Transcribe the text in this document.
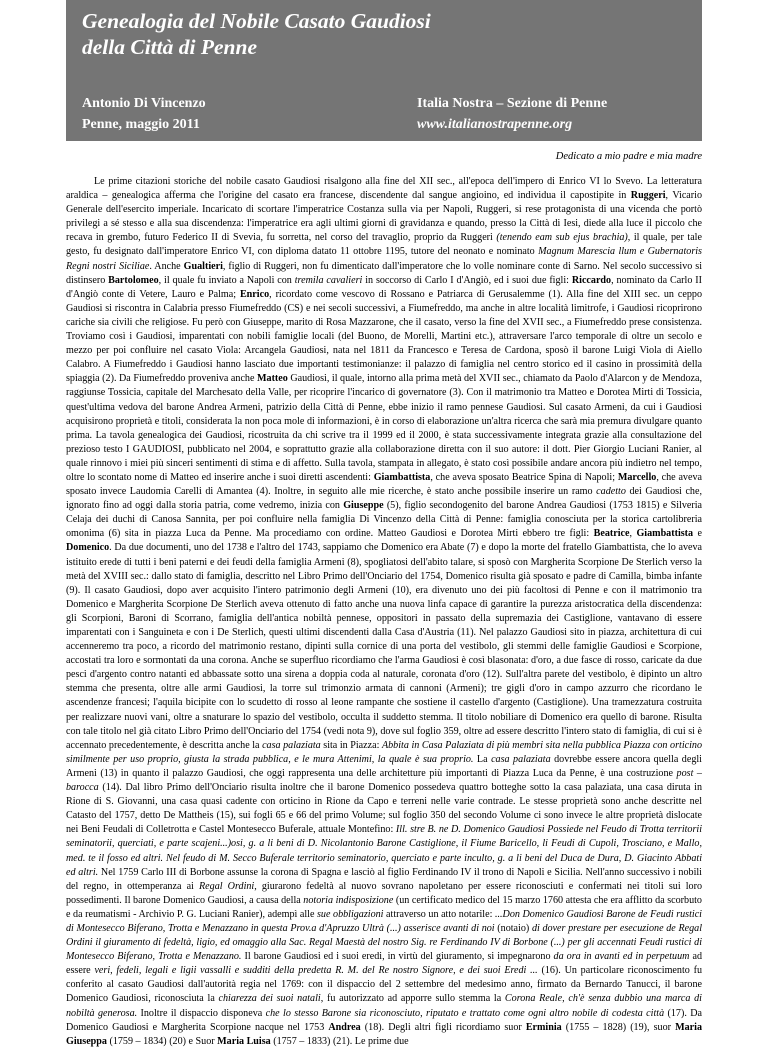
Genealogia del Nobile Casato Gaudiosi
della Città di Penne
Antonio Di Vincenzo
Penne, maggio 2011
Italia Nostra – Sezione di Penne
www.italianostrapenne.org
Dedicato a mio padre e mia madre

Le prime citazioni storiche del nobile casato Gaudiosi risalgono alla fine del XII sec., all'epoca dell'impero di Enrico VI lo Svevo. La letteratura araldica – genealogica afferma che l'origine del casato era francese, discendente dal sangue angioino, ed individua il capostipite in Ruggeri, Vicario Generale dell'esercito imperiale. Incaricato di scortare l'imperatrice Costanza sulla via per Napoli, Ruggeri, si rese protagonista di una vicenda che portò privilegi a sé stesso e alla sua discendenza: l'imperatrice era agli ultimi giorni di gravidanza e quando, presso la Città di Iesi, diede alla luce il piccolo che recava in grembo, futuro Federico II di Svevia, fu sorretta, nel corso del travaglio, proprio da Ruggeri (tenendo eam sub ejus brachia), il quale, per tale gesto, fu designato dall'imperatore Enrico VI, con diploma datato 11 ottobre 1195, tutore del neonato e nominato Magnum Marescia llum e Gubernatoris Regni nostri Siciliae. Anche Gualtieri, figlio di Ruggeri, non fu dimenticato dall'imperatore che lo volle nominare conte di Sarno. Nel secolo successivo si distinsero Bartolomeo, il quale fu inviato a Napoli con tremila cavalieri in soccorso di Carlo I d'Angiò, ed i suoi due figli: Riccardo, nominato da Carlo II d'Angiò conte di Vetere, Lauro e Palma; Enrico, ricordato come vescovo di Rossano e Patriarca di Gerusalemme (1). Alla fine del XIII sec. un ceppo Gaudiosi si riscontra in Calabria presso Fiumefreddo (CS) e nei secoli successivi, a Fiumefreddo, ma anche in altre località limitrofe, i Gaudiosi ricoprirono cariche sia civili che religiose. Fu però con Giuseppe, marito di Rosa Mazzarone, che il casato, verso la fine del XVII sec., a Fiumefreddo prese consistenza. Troviamo così i Gaudiosi, imparentati con nobili famiglie locali (del Buono, de Morelli, Martini etc.), attraversare l'arco temporale di oltre un secolo e mezzo per poi confluire nel casato Viola: Arcangela Gaudiosi, nata nel 1811 da Francesco e Teresa de Cardona, sposò il barone Luigi Viola di Aiello Calabro. A Fiumefreddo i Gaudiosi hanno lasciato due importanti testimonianze: il palazzo di famiglia nel centro storico ed il casino in prossimità della spiaggia (2). Da Fiumefreddo proveniva anche Matteo Gaudiosi, il quale, intorno alla prima metà del XVII sec., chiamato da Paolo d'Alarcon y de Mendoza, raggiunse Tossicia, capitale del Marchesato della Valle, per ricoprire l'incarico di governatore (3). Con il matrimonio tra Matteo e Dorotea Mirti di Tossicia, quest'ultima vedova del barone Andrea Armeni, patrizio della Città di Penne, ebbe inizio il ramo pennese Gaudiosi. Sul casato Armeni, da cui i Gaudiosi acquisirono proprietà e titoli, considerata la non poca mole di informazioni, è in corso di elaborazione un'altra ricerca che sarà mia premura divulgare quanto prima. La tavola genealogica dei Gaudiosi, ricostruita da chi scrive tra il 1999 ed il 2000, è stata successivamente integrata grazie alla consultazione del prezioso testo I GAUDIOSI, pubblicato nel 2004, e soprattutto grazie alla collaborazione diretta con il suo autore: il dott. Pier Giorgio Luciani Ranier, al quale rinnovo i miei più sinceri sentimenti di stima e di affetto. Sulla tavola, stampata in allegato, è stato così possibile andare ancora più indietro nel tempo, oltre lo scontato nome di Matteo ed inserire anche i suoi diretti ascendenti: Giambattista, che aveva sposato Beatrice Spina di Napoli; Marcello, che aveva sposato invece Laudomia Carelli di Amantea (4). Inoltre, in seguito alle mie ricerche, è stato anche possibile inserire un ramo cadetto dei Gaudiosi che, ignorato fino ad oggi dalla storia patria, come vedremo, inizia con Giuseppe (5), figlio secondogenito del barone Andrea Gaudiosi (1753 1815) e Silveria Celaja dei duchi di Canosa Sannita, per poi confluire nella famiglia Di Vincenzo della Città di Penne: famiglia conosciuta per la storica cartolibreria omonima (6) sita in piazza Luca da Penne. Ma procediamo con ordine. Matteo Gaudiosi e Dorotea Mirti ebbero tre figli: Beatrice, Giambattista e Domenico. Da due documenti, uno del 1738 e l'altro del 1743, sappiamo che Domenico era Abate (7) e dopo la morte del fratello Giambattista, che lo aveva istituito erede di tutti i beni paterni e dei feudi della famiglia Armeni (8), spogliatosi dell'abito talare, si sposò con Margherita Scorpione De Sterlich verso la metà del XVIII sec.: dallo stato di famiglia, descritto nel Libro Primo dell'Onciario del 1754, Domenico risulta già sposato e padre di Camilla, bimba infante (9). Il casato Gaudiosi, dopo aver acquisito l'intero patrimonio degli Armeni (10), era divenuto uno dei più facoltosi di Penne e con il matrimonio tra Domenico e Margherita Scorpione De Sterlich aveva ottenuto di fatto anche una nuova linfa capace di garantire la purezza aristocratica della discendenza: gli Scorpioni, Baroni di Scorrano, famiglia dell'antica nobiltà pennese, oppositori in passato della supremazia dei Castiglione, vantavano di essere imparentati con i Sanguineta e con i De Sterlich, questi ultimi discendenti dalla Casa d'Austria (11). Nel palazzo Gaudiosi sito in piazza, architettura di cui accenneremo tra poco, a ricordo del matrimonio restano, dipinti sulla cornice di una porta del vestibolo, gli stemmi delle famiglie Gaudiosi e Scorpione, accostati tra loro e sormontati da una corona. Anche se superfluo ricordiamo che l'arma Gaudiosi è così blasonata: d'oro, a due fasce di rosso, caricate da due pesci d'argento contro natanti ed abbassate sotto una sirena a doppia coda al naturale, coronata d'oro (12). Sull'altra parete del vestibolo, è dipinto un altro stemma che presenta, oltre alle armi Gaudiosi, la torre sul trimonzio armata di cannoni (Armeni); tre gigli d'oro in campo azzurro che ricordano le ascendenze francesi; l'aquila bicipite con lo scudetto di rosso al leone rampante che sostiene il castello d'argento (Castiglione). Una tramezzatura costruita per realizzare nuovi vani, oltre a snaturare lo spazio del vestibolo, occulta il suddetto stemma. Il titolo nobiliare di Domenico era quello di barone. Risulta con tale titolo nel già citato Libro Primo dell'Onciario del 1754 (vedi nota 9), dove sul foglio 359, oltre ad essere descritto l'intero stato di famiglia, di cui si è accennato precedentemente, è descritta anche la casa palaziata sita in Piazza: Abbita in Casa Palaziata di più membri sita nella pubblica Piazza con orticino similmente per uso proprio, giusta la strada pubblica, e le mura Attenimi, la quale è sua proprio. La casa palaziata dovrebbe essere ancora quella degli Armeni (13) in quanto il palazzo Gaudiosi, che oggi rappresenta una delle architetture più importanti di Piazza Luca da Penne, è una costruzione post – barocca (14). Dal libro Primo dell'Onciario risulta inoltre che il barone Domenico possedeva quattro botteghe sotto la casa palaziata, una casa diruta in Rione di S. Giovanni, una casa quasi cadente con orticino in Rione da Capo e terreni nelle varie contrade. Le stesse proprietà sono anche descritte nel Catasto del 1757, detto De Mattheis (15), sui fogli 65 e 66 del primo Volume; sul foglio 350 del secondo Volume ci sono invece le altre proprietà dislocate nei Beni Feudali di Colletrotta e Castel Montesecco Buferale, attuale Montefino: Ill. stre B. ne D. Domenico Gaudiosi Possiede nel Feudo di Trotta territorii seminatorii, querciati, e parte scajeni...)osi, g. a li beni di D. Nicolantonio Barone Castiglione, il Fiume Baricello, li Feudi di Cupoli, Trosciano, e Mallo, med. te il fosso ed altri. Nel feudo di M. Secco Buferale territorio seminatorio, querciato e parte inculto, g. a li beni del Duca de Dura, D. Giacinto Abbati ed altri. Nel 1759 Carlo III di Borbone assunse la corona di Spagna e lasciò al figlio Ferdinando IV il trono di Napoli e Sicilia. Nell'anno successivo i nobili del regno, in ottemperanza ai Regal Ordini, giurarono fedeltà al nuovo sovrano napoletano per essere riconosciuti e confermati nei titoli sui loro possedimenti. Il barone Domenico Gaudiosi, a causa della notoria indisposizione (un certificato medico del 15 marzo 1760 attesta che era afflitto da scorbuto e da reumatismi - Archivio P. G. Luciani Ranier), adempì alle sue obbligazioni attraverso un atto notarile: ...Don Domenico Gaudiosi Barone de Feudi rustici di Montesecco Biferano, Trotta e Menazzano in questa Prov.a d'Apruzzo Ultrà (...) asserisce avanti di noi (notaio) di dover prestare per esecuzione de Regal Ordini il giuramento di fedeltà, ligio, ed omaggio alla Sac. Regal Maestà del nostro Sig. re Ferdinando IV di Borbone (...) per gli accennati Feudi rustici di Montesecco Biferano, Trotta e Menazzano. Il barone Gaudiosi ed i suoi eredi, in virtù del giuramento, si impegnarono da ora in avanti ed in perpetuum ad essere veri, fedeli, legali e ligii vassalli e sudditi della predetta R. M. del Re nostro Signore, e dei suoi Eredi ... (16). Un particolare riconoscimento fu conferito al casato Gaudiosi dall'autorità regia nel 1769: con il dispaccio del 2 settembre del medesimo anno, firmato da Bernardo Tanucci, il barone Domenico Gaudiosi, riconosciuta la chiarezza dei suoi natali, fu autorizzato ad apporre sullo stemma la Corona Reale, ch'è senza dubbio una marca di nobiltà generosa. Inoltre il dispaccio disponeva che lo stesso Barone sia riconosciuto, riputato e trattato come ogni altro nobile di codesta città (17). Da Domenico Gaudiosi e Margherita Scorpione nacque nel 1753 Andrea (18). Degli altri figli ricordiamo suor Erminia (1755 – 1828) (19), suor Maria Giuseppa (1759 – 1834) (20) e Suor Maria Luisa (1757 – 1833) (21). Le prime due
